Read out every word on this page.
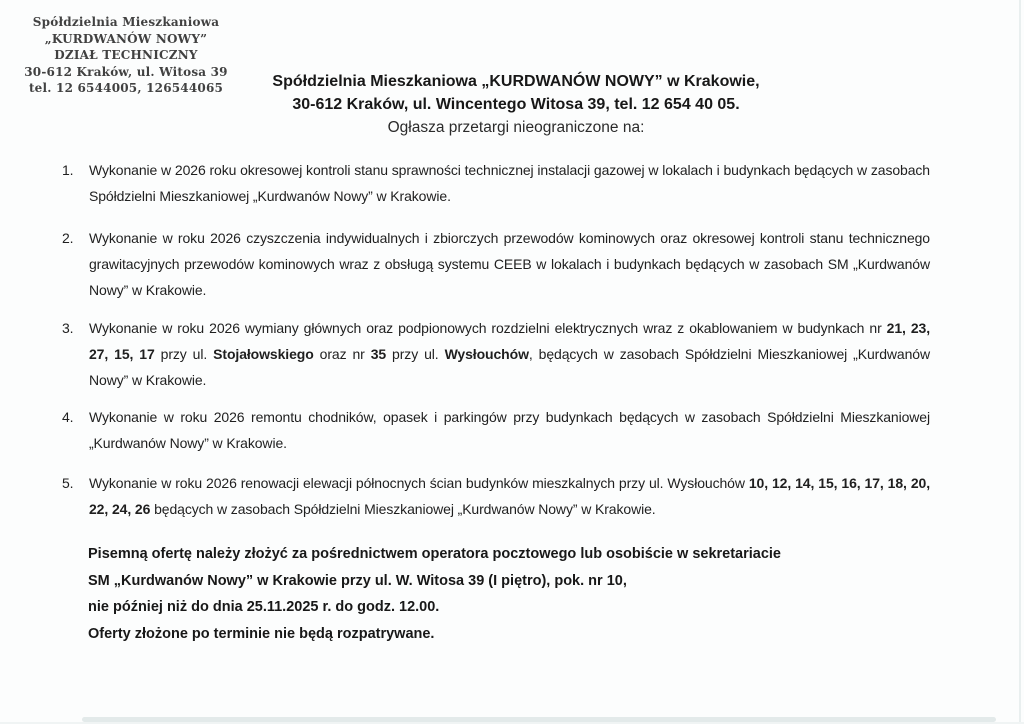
Spółdzielnia Mieszkaniowa
„KURDWANÓW NOWY”
DZIAŁ TECHNICZNY
30-612 Kraków, ul. Witosa 39
tel. 12 6544005, 126544065	Spółdzielnia Mieszkaniowa „KURDWANÓW NOWY” w Krakowie,
30-612 Kraków, ul. Wincentego Witosa 39, tel. 12 654 40 05.
Ogłasza przetargi nieograniczone na:
1.	Wykonanie w 2026 roku okresowej kontroli stanu sprawności technicznej instalacji gazowej w lokalach i budynkach będących w zasobach Spółdzielni Mieszkaniowej „Kurdwanów Nowy” w Krakowie.
2.	Wykonanie w roku 2026 czyszczenia indywidualnych i zbiorczych przewodów kominowych oraz okresowej kontroli stanu technicznego grawitacyjnych przewodów kominowych wraz z obsługą systemu CEEB w lokalach i budynkach będących w zasobach SM „Kurdwanów Nowy” w Krakowie.
3.	Wykonanie w roku 2026 wymiany głównych oraz podpionowych rozdzielni elektrycznych wraz z okablowaniem w budynkach nr 21, 23, 27, 15, 17 przy ul. Stojałowskiego oraz nr 35 przy ul. Wysłouchów, będących w zasobach Spółdzielni Mieszkaniowej „Kurdwanów Nowy” w Krakowie.
4.	Wykonanie w roku 2026 remontu chodników, opasek i parkingów przy budynkach będących w zasobach Spółdzielni Mieszkaniowej „Kurdwanów Nowy” w Krakowie.
5.	Wykonanie w roku 2026 renowacji elewacji północnych ścian budynków mieszkalnych przy ul. Wysłouchów 10, 12, 14, 15, 16, 17, 18, 20, 22, 24, 26 będących w zasobach Spółdzielni Mieszkaniowej „Kurdwanów Nowy” w Krakowie.
Pisemną ofertę należy złożyć za pośrednictwem operatora pocztowego lub osobiście w sekretariacie
SM „Kurdwanów Nowy” w Krakowie przy ul. W. Witosa 39 (I piętro), pok. nr 10,
nie później niż do dnia 25.11.2025 r. do godz. 12.00.
Oferty złożone po terminie nie będą rozpatrywane.
